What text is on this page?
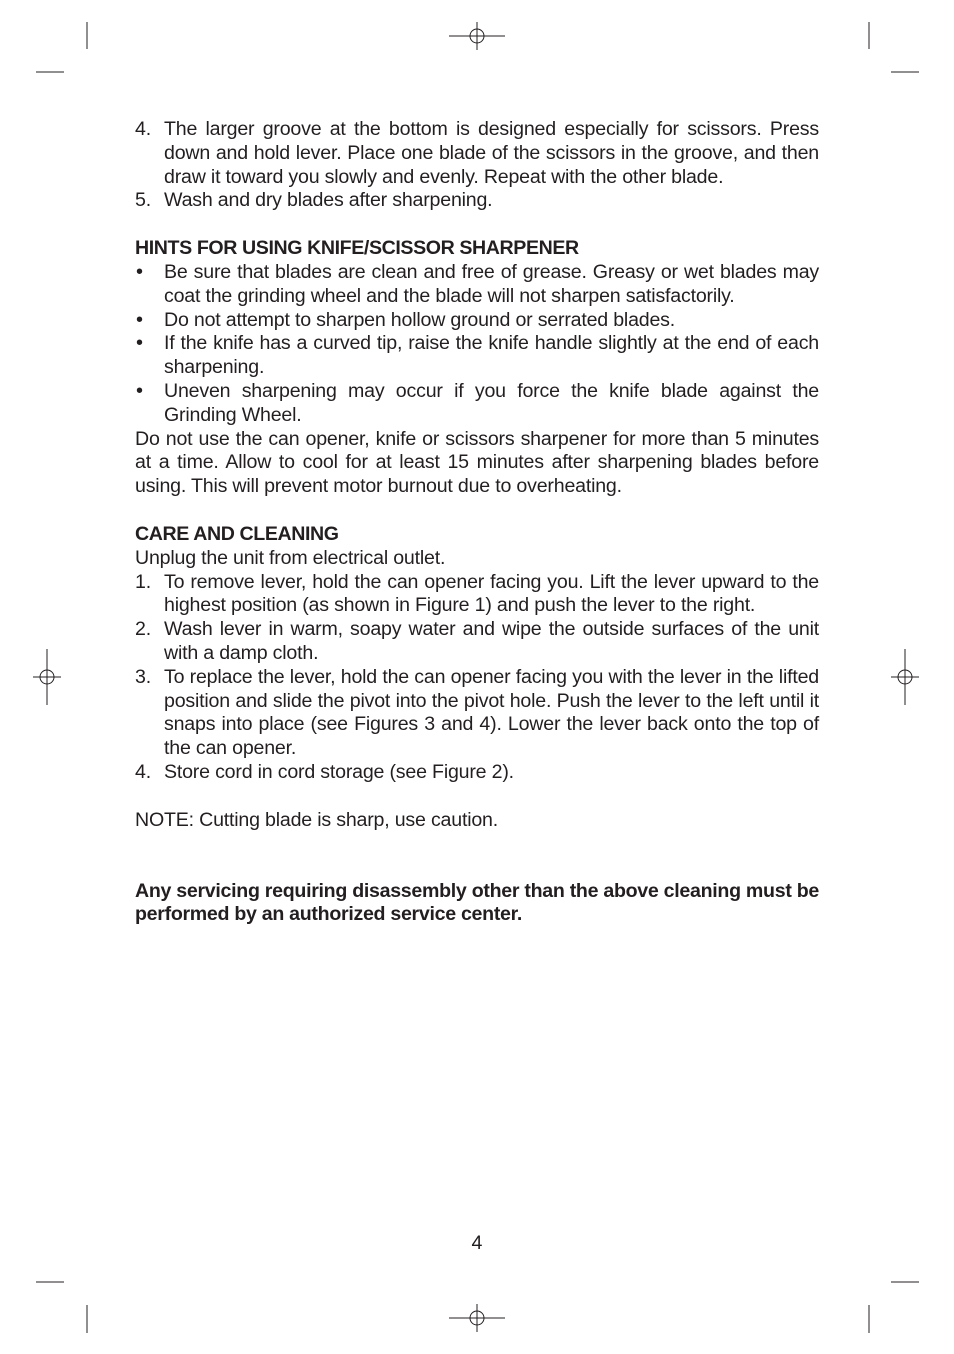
4. The larger groove at the bottom is designed especially for scissors. Press down and hold lever. Place one blade of the scissors in the groove, and then draw it toward you slowly and evenly. Repeat with the other blade.
5. Wash and dry blades after sharpening.
HINTS FOR USING KNIFE/SCISSOR SHARPENER
• Be sure that blades are clean and free of grease. Greasy or wet blades may coat the grinding wheel and the blade will not sharpen satisfactorily.
• Do not attempt to sharpen hollow ground or serrated blades.
• If the knife has a curved tip, raise the knife handle slightly at the end of each sharpening.
• Uneven sharpening may occur if you force the knife blade against the Grinding Wheel.
Do not use the can opener, knife or scissors sharpener for more than 5 minutes at a time. Allow to cool for at least 15 minutes after sharpening blades before using. This will prevent motor burnout due to overheating.
CARE AND CLEANING
Unplug the unit from electrical outlet.
1. To remove lever, hold the can opener facing you. Lift the lever upward to the highest position (as shown in Figure 1) and push the lever to the right.
2. Wash lever in warm, soapy water and wipe the outside surfaces of the unit with a damp cloth.
3. To replace the lever, hold the can opener facing you with the lever in the lifted position and slide the pivot into the pivot hole. Push the lever to the left until it snaps into place (see Figures 3 and 4). Lower the lever back onto the top of the can opener.
4. Store cord in cord storage (see Figure 2).
NOTE: Cutting blade is sharp, use caution.
Any servicing requiring disassembly other than the above cleaning must be performed by an authorized service center.
4
